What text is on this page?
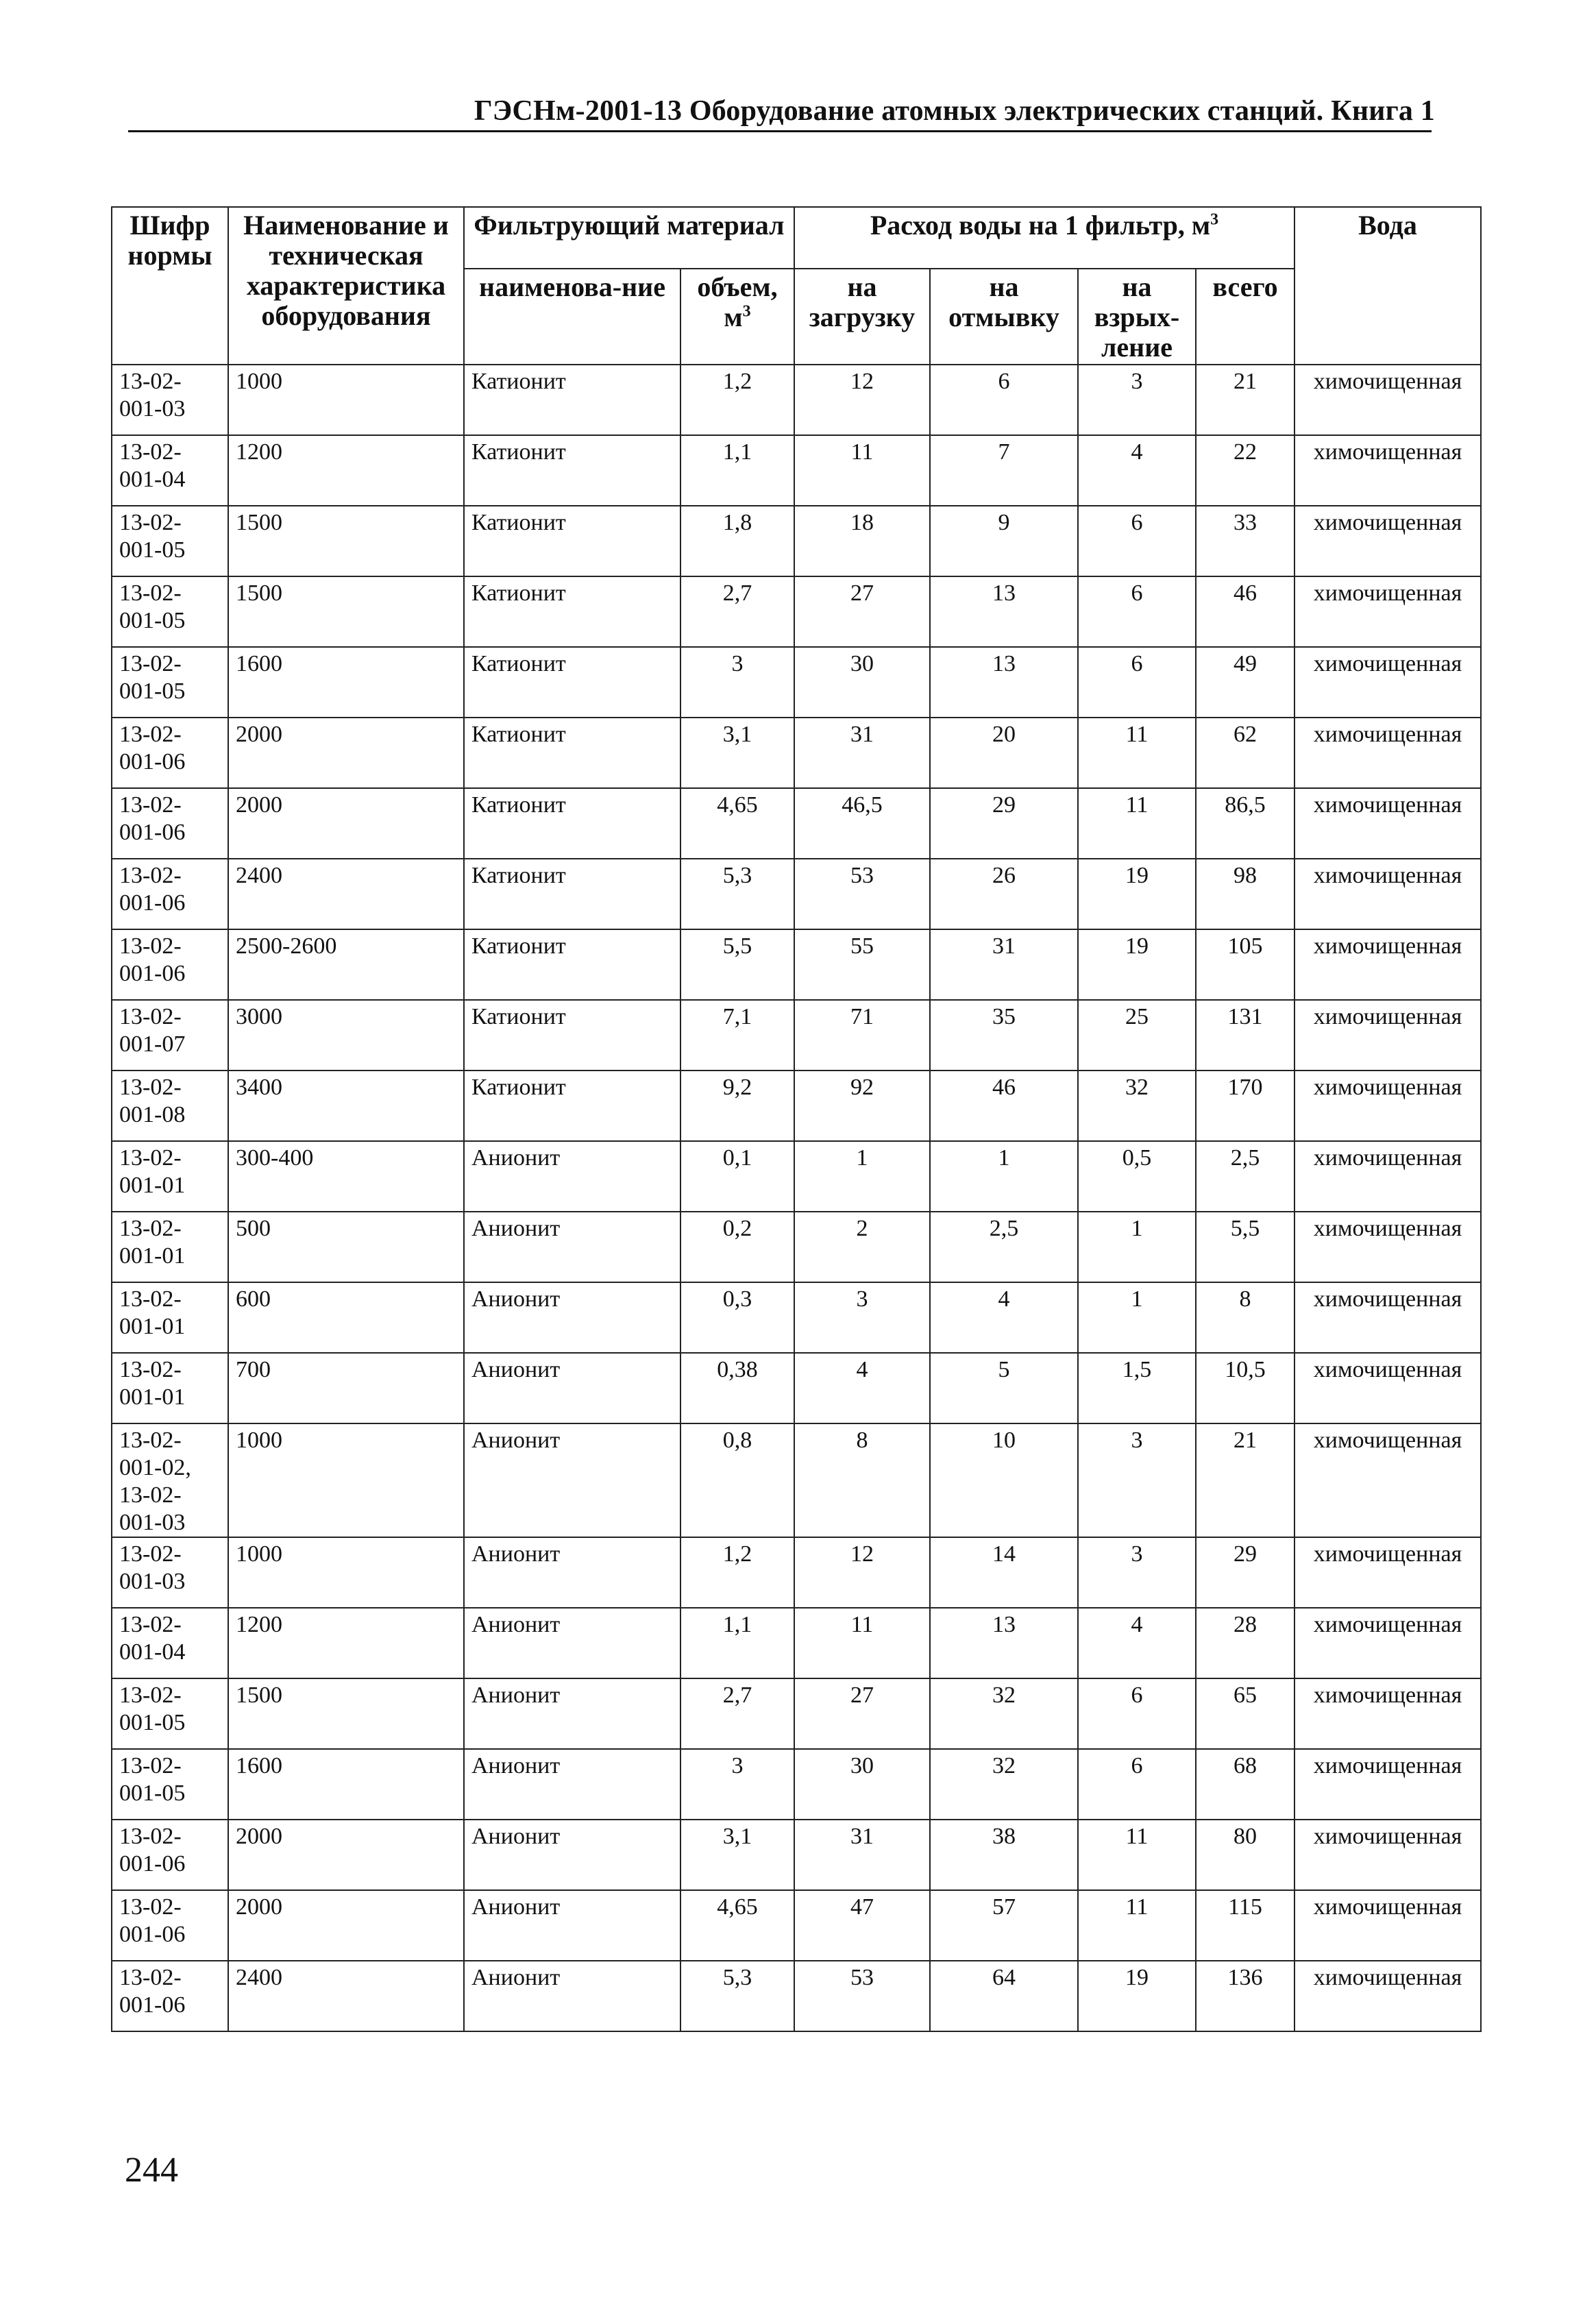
ГЭСНм-2001-13 Оборудование атомных электрических станций. Книга 1
Шифр нормы	Наименование и техническая характеристика оборудования	Фильтрующий материал		Расход воды на 1 фильтр, $м^3$				Вода
		наименова-ние	объем, $м^3$	на загрузку	на отмывку	на взрых-ление	всего	
13-02-001-03	1000	Катионит	1,2	12	6	3	21	химочищенная
13-02-001-04	1200	Катионит	1,1	11	7	4	22	химочищенная
13-02-001-05	1500	Катионит	1,8	18	9	6	33	химочищенная
13-02-001-05	1500	Катионит	2,7	27	13	6	46	химочищенная
13-02-001-05	1600	Катионит	3	30	13	6	49	химочищенная
13-02-001-06	2000	Катионит	3,1	31	20	11	62	химочищенная
13-02-001-06	2000	Катионит	4,65	46,5	29	11	86,5	химочищенная
13-02-001-06	2400	Катионит	5,3	53	26	19	98	химочищенная
13-02-001-06	2500-2600	Катионит	5,5	55	31	19	105	химочищенная
13-02-001-07	3000	Катионит	7,1	71	35	25	131	химочищенная
13-02-001-08	3400	Катионит	9,2	92	46	32	170	химочищенная
13-02-001-01	300-400	Анионит	0,1	1	1	0,5	2,5	химочищенная
13-02-001-01	500	Анионит	0,2	2	2,5	1	5,5	химочищенная
13-02-001-01	600	Анионит	0,3	3	4	1	8	химочищенная
13-02-001-01	700	Анионит	0,38	4	5	1,5	10,5	химочищенная
13-02-001-02, 13-02-001-03	1000	Анионит	0,8	8	10	3	21	химочищенная
13-02-001-03	1000	Анионит	1,2	12	14	3	29	химочищенная
13-02-001-04	1200	Анионит	1,1	11	13	4	28	химочищенная
13-02-001-05	1500	Анионит	2,7	27	32	6	65	химочищенная
13-02-001-05	1600	Анионит	3	30	32	6	68	химочищенная
13-02-001-06	2000	Анионит	3,1	31	38	11	80	химочищенная
13-02-001-06	2000	Анионит	4,65	47	57	11	115	химочищенная
13-02-001-06	2400	Анионит	5,3	53	64	19	136	химочищенная
244
